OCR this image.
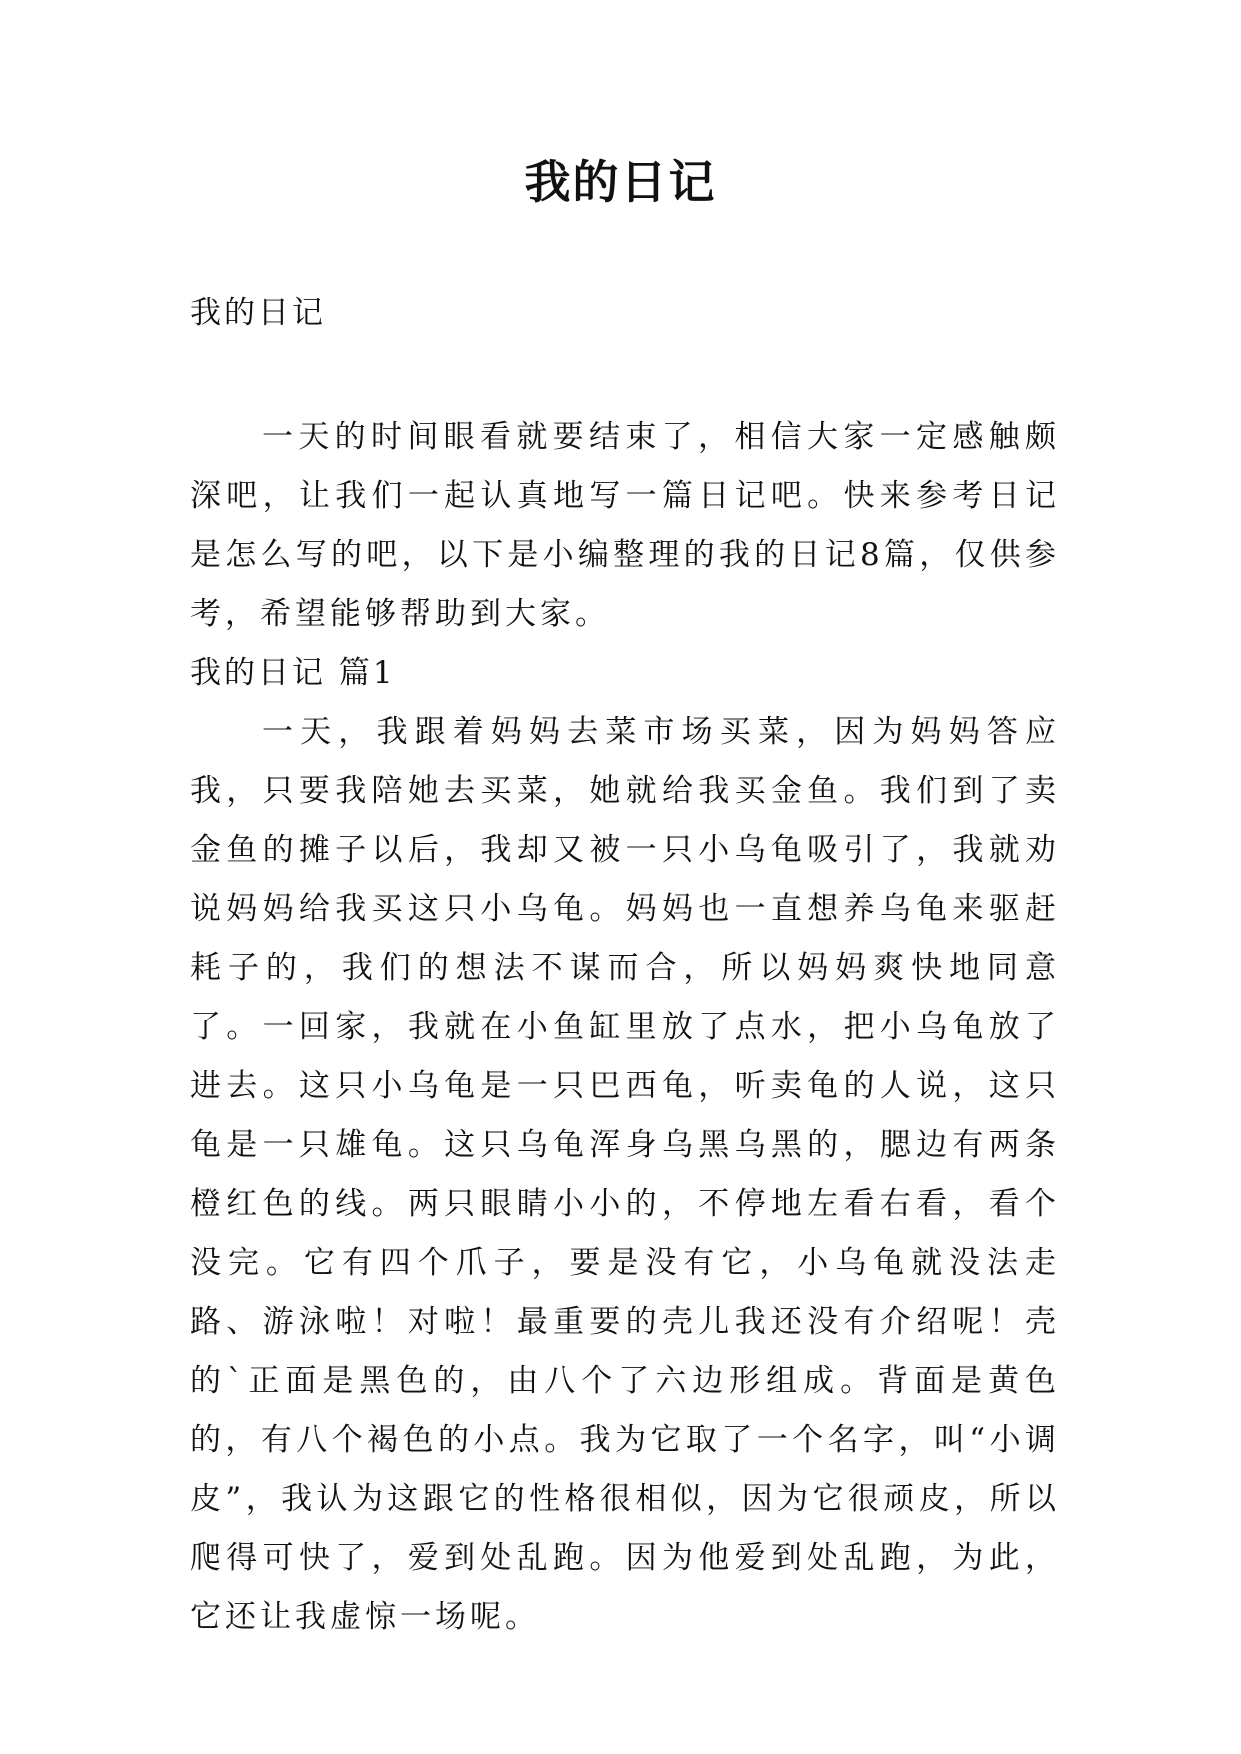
我的日记
我的日记

一天的时间眼看就要结束了，相信大家一定感触颇深吧，让我们一起认真地写一篇日记吧。快来参考日记是怎么写的吧，以下是小编整理的我的日记8篇，仅供参考，希望能够帮助到大家。

我的日记 篇1

一天，我跟着妈妈去菜市场买菜，因为妈妈答应我，只要我陪她去买菜，她就给我买金鱼。我们到了卖金鱼的摊子以后，我却又被一只小乌龟吸引了，我就劝说妈妈给我买这只小乌龟。妈妈也一直想养乌龟来驱赶耗子的，我们的想法不谋而合，所以妈妈爽快地同意了。一回家，我就在小鱼缸里放了点水，把小乌龟放了进去。这只小乌龟是一只巴西龟，听卖龟的人说，这只龟是一只雄龟。这只乌龟浑身乌黑乌黑的，腮边有两条橙红色的线。两只眼睛小小的，不停地左看右看，看个没完。它有四个爪子，要是没有它，小乌龟就没法走路、游泳啦！对啦！最重要的壳儿我还没有介绍呢！壳的`正面是黑色的，由八个了六边形组成。背面是黄色的，有八个褐色的小点。我为它取了一个名字，叫“小调皮”，我认为这跟它的性格很相似，因为它很顽皮，所以爬得可快了，爱到处乱跑。因为他爱到处乱跑，为此，它还让我虚惊一场呢。
